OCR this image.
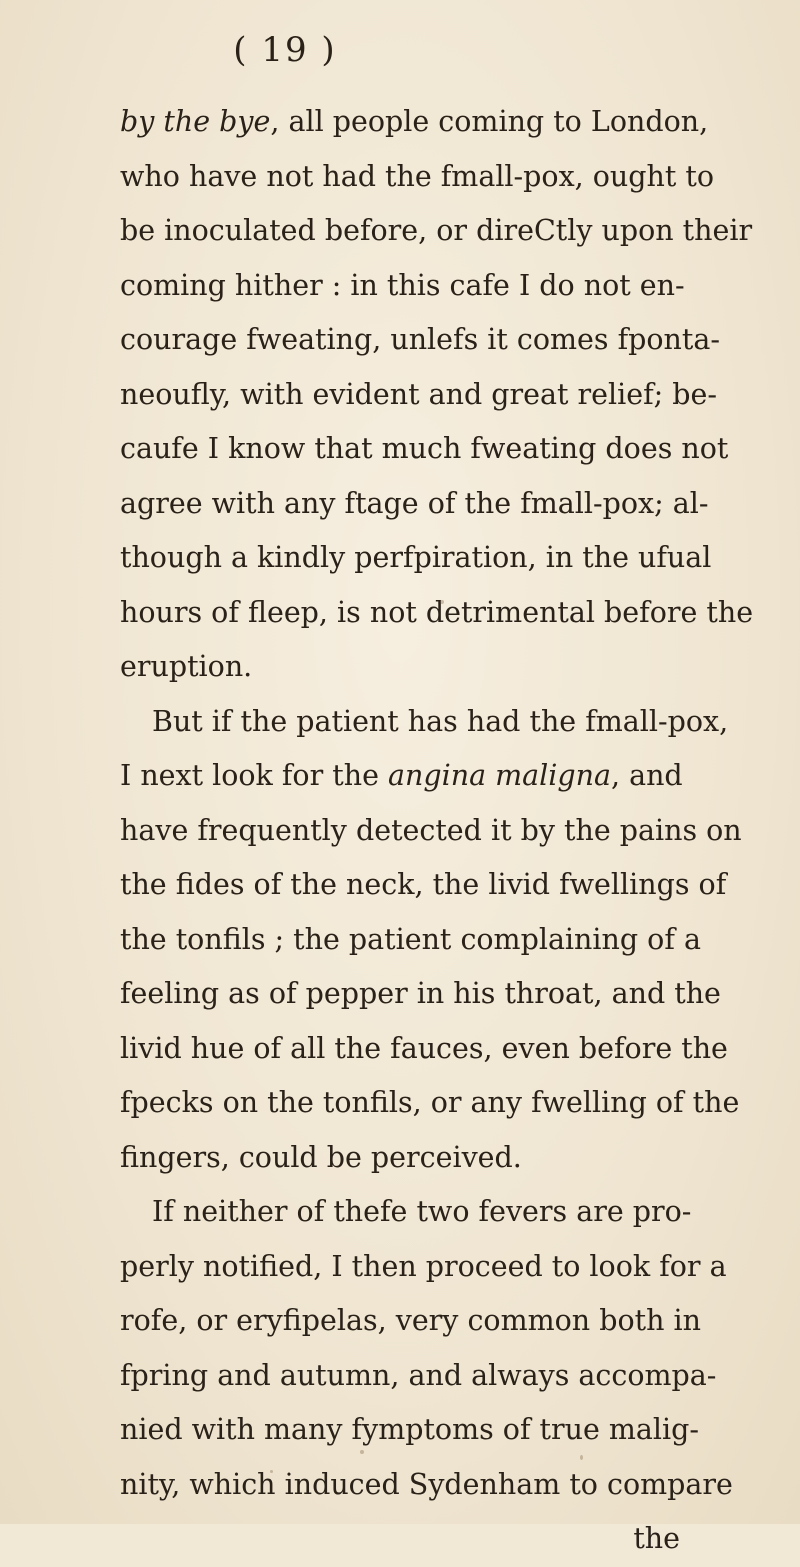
( 19 )
by the bye, all people coming to London,
who have not had the fmall-pox, ought to
be inoculated before, or direCtly upon their
coming hither : in this cafe I do not en-
courage fweating, unlefs it comes fponta-
neoufly, with evident and great relief; be-
caufe I know that much fweating does not
agree with any ftage of the fmall-pox; al-
though a kindly perfpiration, in the ufual
hours of fleep, is not detrimental before the
eruption.
But if the patient has had the fmall-pox,
I next look for the angina maligna, and
have frequently detected it by the pains on
the fides of the neck, the livid fwellings of
the tonfils ; the patient complaining of a
feeling as of pepper in his throat, and the
livid hue of all the fauces, even before the
fpecks on the tonfils, or any fwelling of the
fingers, could be perceived.
If neither of thefe two fevers are pro-
perly notified, I then proceed to look for a
rofe, or eryfipelas, very common both in
fpring and autumn, and always accompa-
nied with many fymptoms of true malig-
nity, which induced Sydenham to compare
the
